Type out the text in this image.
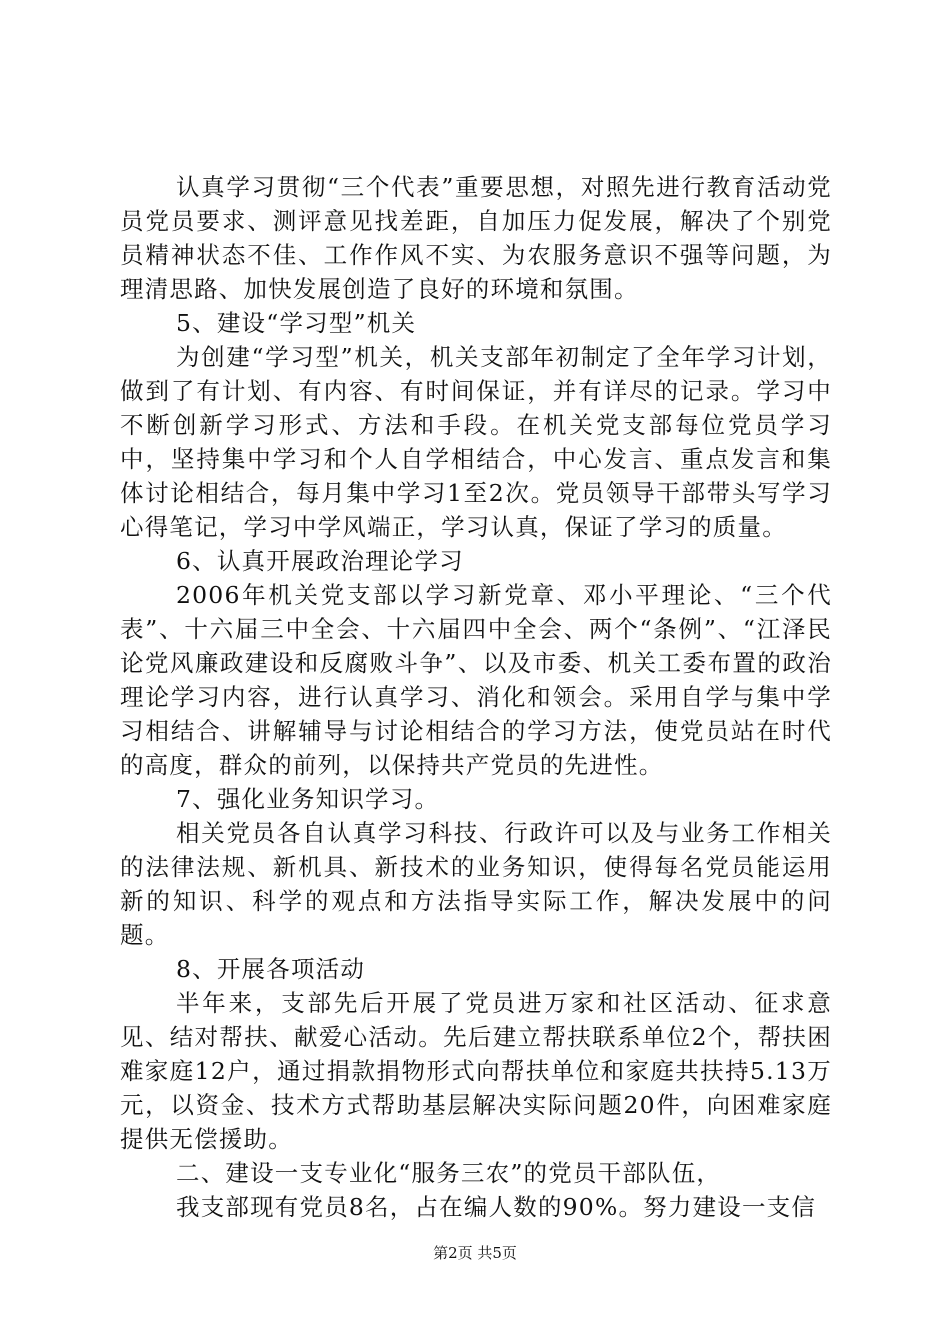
认真学习贯彻“三个代表”重要思想，对照先进行教育活动党员党员要求、测评意见找差距，自加压力促发展，解决了个别党员精神状态不佳、工作作风不实、为农服务意识不强等问题，为理清思路、加快发展创造了良好的环境和氛围。

5、建设“学习型”机关

为创建“学习型”机关，机关支部年初制定了全年学习计划，做到了有计划、有内容、有时间保证，并有详尽的记录。学习中不断创新学习形式、方法和手段。在机关党支部每位党员学习中，坚持集中学习和个人自学相结合，中心发言、重点发言和集体讨论相结合，每月集中学习1至2次。党员领导干部带头写学习心得笔记，学习中学风端正，学习认真，保证了学习的质量。

6、认真开展政治理论学习

2006年机关党支部以学习新党章、邓小平理论、“三个代表”、十六届三中全会、十六届四中全会、两个“条例”、“江泽民论党风廉政建设和反腐败斗争”、以及市委、机关工委布置的政治理论学习内容，进行认真学习、消化和领会。采用自学与集中学习相结合、讲解辅导与讨论相结合的学习方法，使党员站在时代的高度，群众的前列，以保持共产党员的先进性。

7、强化业务知识学习。

相关党员各自认真学习科技、行政许可以及与业务工作相关的法律法规、新机具、新技术的业务知识，使得每名党员能运用新的知识、科学的观点和方法指导实际工作，解决发展中的问题。

8、开展各项活动

半年来，支部先后开展了党员进万家和社区活动、征求意见、结对帮扶、献爱心活动。先后建立帮扶联系单位2个，帮扶困难家庭12户，通过捐款捐物形式向帮扶单位和家庭共扶持5.13万元，以资金、技术方式帮助基层解决实际问题20件，向困难家庭提供无偿援助。

二、建设一支专业化“服务三农”的党员干部队伍，

我支部现有党员8名，占在编人数的90%。努力建设一支信

第2页 共5页
